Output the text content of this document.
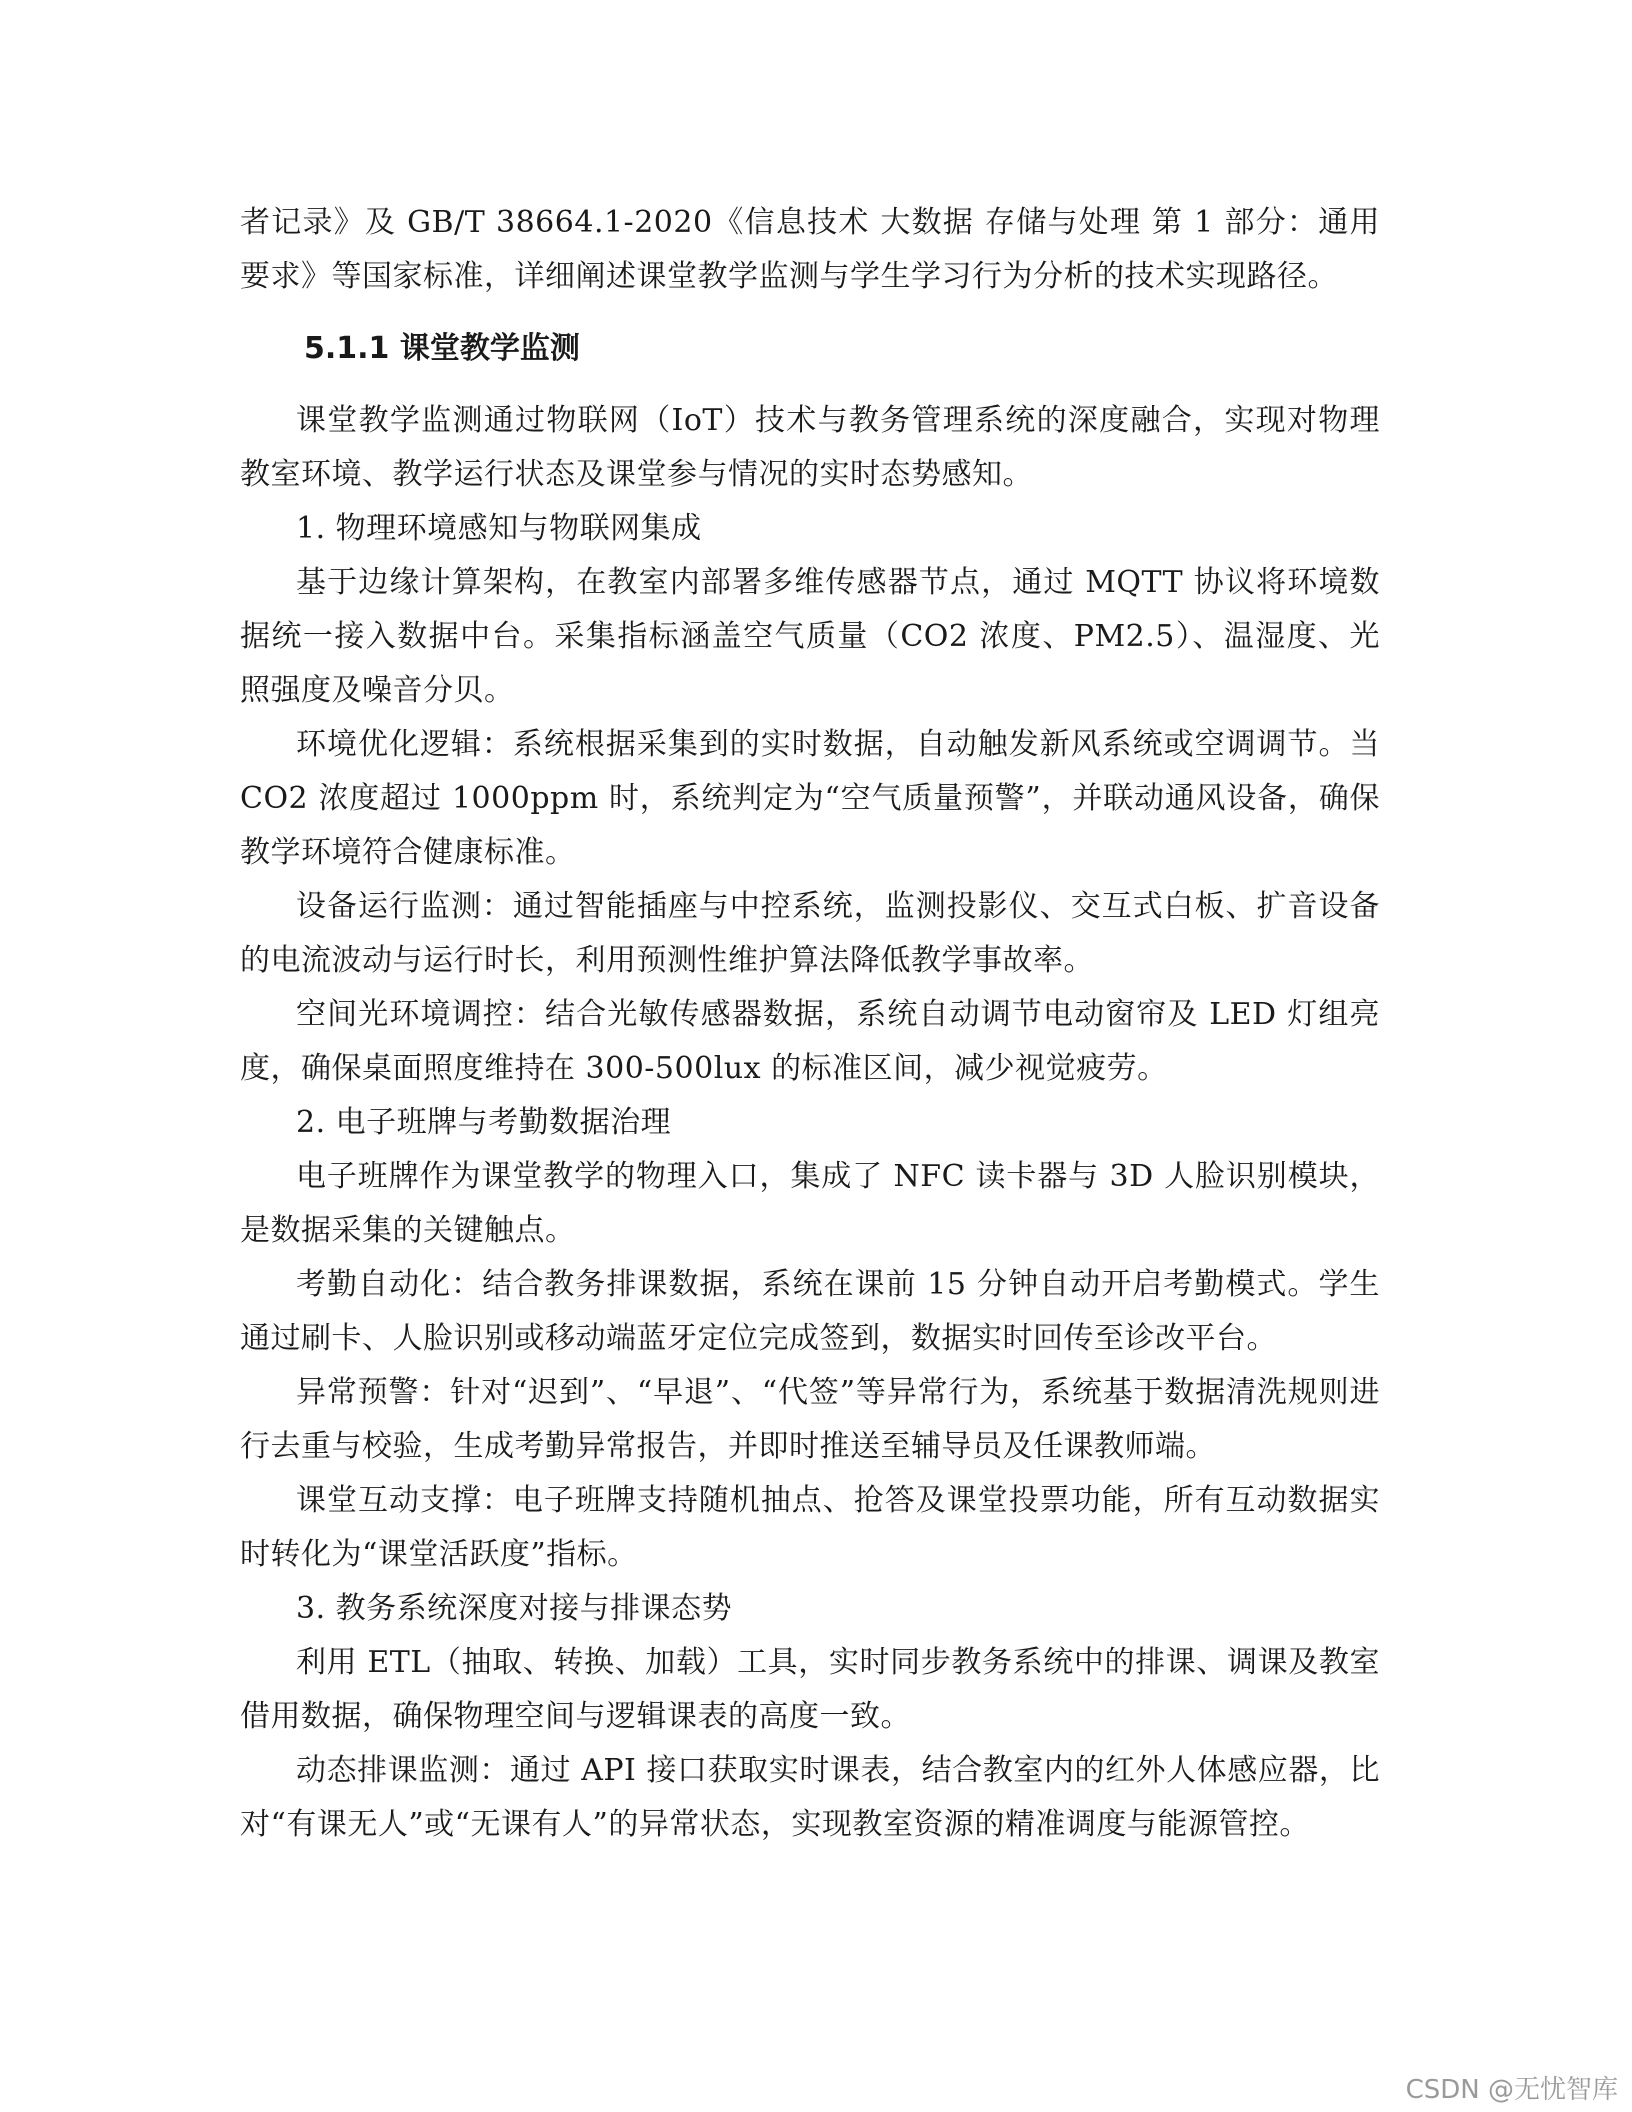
者记录》及 GB/T 38664.1-2020《信息技术 大数据 存储与处理 第 1 部分：通用要求》等国家标准，详细阐述课堂教学监测与学生学习行为分析的技术实现路径。

5.1.1 课堂教学监测

课堂教学监测通过物联网（IoT）技术与教务管理系统的深度融合，实现对物理教室环境、教学运行状态及课堂参与情况的实时态势感知。

1. 物理环境感知与物联网集成

基于边缘计算架构，在教室内部署多维传感器节点，通过 MQTT 协议将环境数据统一接入数据中台。采集指标涵盖空气质量（CO2 浓度、PM2.5）、温湿度、光照强度及噪音分贝。

环境优化逻辑：系统根据采集到的实时数据，自动触发新风系统或空调调节。当 CO2 浓度超过 1000ppm 时，系统判定为“空气质量预警”，并联动通风设备，确保教学环境符合健康标准。

设备运行监测：通过智能插座与中控系统，监测投影仪、交互式白板、扩音设备的电流波动与运行时长，利用预测性维护算法降低教学事故率。

空间光环境调控：结合光敏传感器数据，系统自动调节电动窗帘及 LED 灯组亮度，确保桌面照度维持在 300-500lux 的标准区间，减少视觉疲劳。

2. 电子班牌与考勤数据治理

电子班牌作为课堂教学的物理入口，集成了 NFC 读卡器与 3D 人脸识别模块，是数据采集的关键触点。

考勤自动化：结合教务排课数据，系统在课前 15 分钟自动开启考勤模式。学生通过刷卡、人脸识别或移动端蓝牙定位完成签到，数据实时回传至诊改平台。

异常预警：针对“迟到”、“早退”、“代签”等异常行为，系统基于数据清洗规则进行去重与校验，生成考勤异常报告，并即时推送至辅导员及任课教师端。

课堂互动支撑：电子班牌支持随机抽点、抢答及课堂投票功能，所有互动数据实时转化为“课堂活跃度”指标。

3. 教务系统深度对接与排课态势

利用 ETL（抽取、转换、加载）工具，实时同步教务系统中的排课、调课及教室借用数据，确保物理空间与逻辑课表的高度一致。

动态排课监测：通过 API 接口获取实时课表，结合教室内的红外人体感应器，比对“有课无人”或“无课有人”的异常状态，实现教室资源的精准调度与能源管控。

CSDN @无忧智库
